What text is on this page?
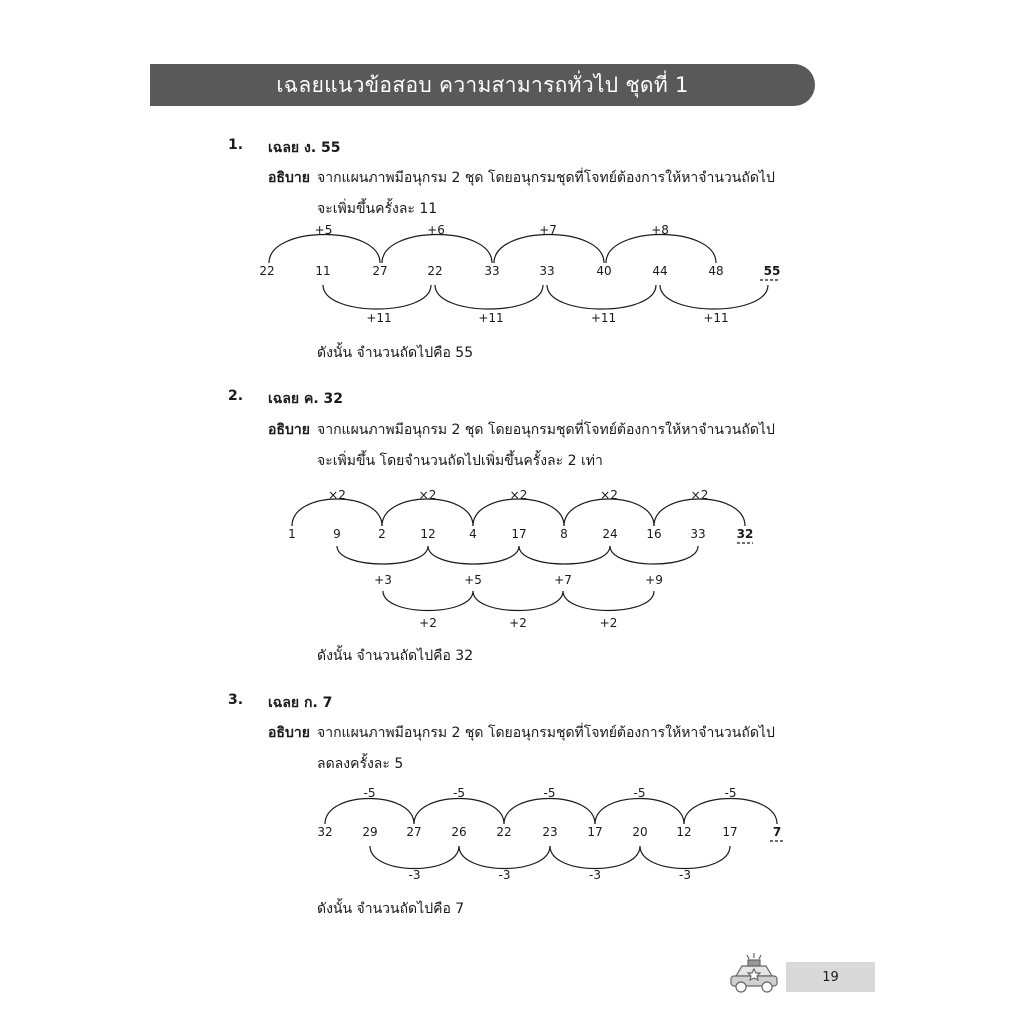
เฉลยแนวข้อสอบ ความสามารถทั่วไป ชุดที่ 1
1. เฉลย ง. 55
อธิบาย จากแผนภาพมีอนุกรม 2 ชุด โดยอนุกรมชุดที่โจทย์ต้องการให้หาจำนวนถัดไป
จะเพิ่มขึ้นครั้งละ 11
22	11	27	22	33	33	40	44	48	55
+5	+6	+7	+8
+11	+11	+11	+11
ดังนั้น จำนวนถัดไปคือ 55
2. เฉลย ค. 32
อธิบาย จากแผนภาพมีอนุกรม 2 ชุด โดยอนุกรมชุดที่โจทย์ต้องการให้หาจำนวนถัดไป
จะเพิ่มขึ้น โดยจำนวนถัดไปเพิ่มขึ้นครั้งละ 2 เท่า
1	9	2	12	4	17	8	24 16 33	32
×2	×2	×2	×2	×2
+3	+5	+7	+9
+2	+2	+2
ดังนั้น จำนวนถัดไปคือ 32
3. เฉลย ก. 7
อธิบาย จากแผนภาพมีอนุกรม 2 ชุด โดยอนุกรมชุดที่โจทย์ต้องการให้หาจำนวนถัดไป
ลดลงครั้งละ 5
32 29 27 26 22	23 17 20 12	17	7
-5	-5	-5	-5	-5
-3	-3	-3	-3
ดังนั้น จำนวนถัดไปคือ 7
19
